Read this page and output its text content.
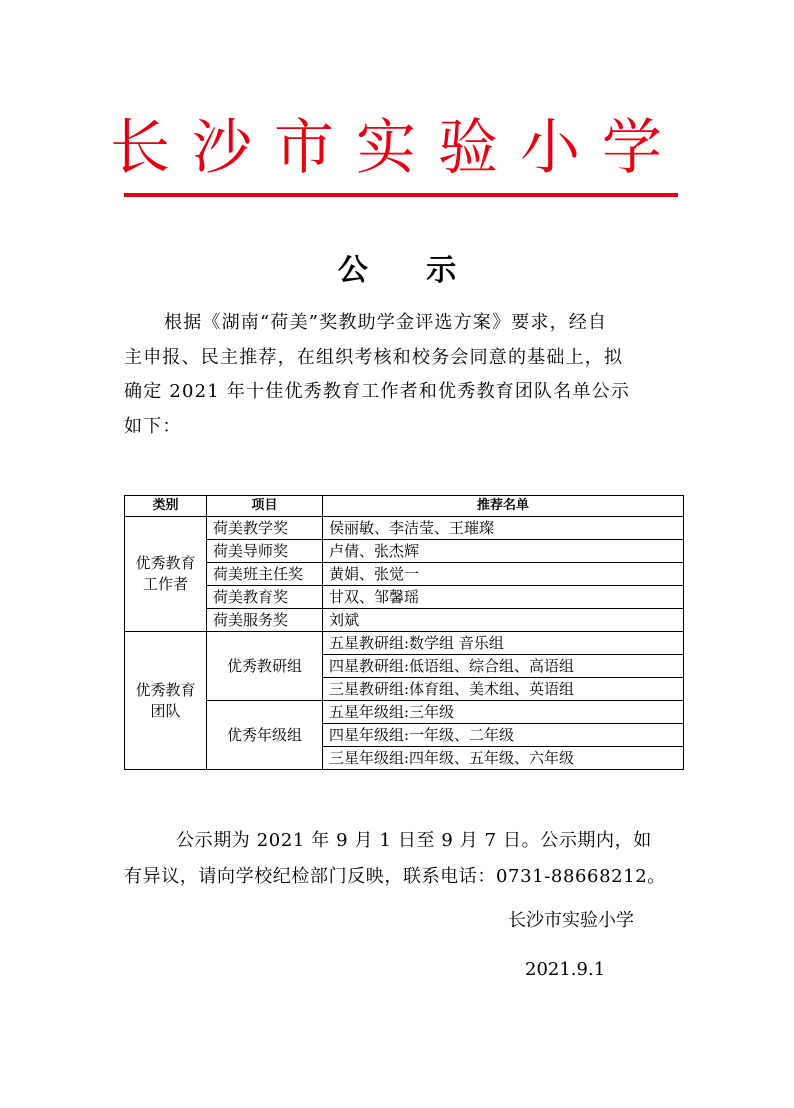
长沙市实验小学
公 示
根据《湖南“荷美”奖教助学金评选方案》要求，经自
主申报、民主推荐，在组织考核和校务会同意的基础上，拟
确定 2021 年十佳优秀教育工作者和优秀教育团队名单公示
如下：
类别	项目	推荐名单
优秀教育工作者	荷美教学奖	侯丽敏、李洁莹、王璀璨
	荷美导师奖	卢倩、张杰辉
	荷美班主任奖	黄娟、张觉一
	荷美教育奖	甘双、邹馨瑶
	荷美服务奖	刘斌
优秀教育团队	优秀教研组	五星教研组:数学组 音乐组
		四星教研组:低语组、综合组、高语组
		三星教研组:体育组、美术组、英语组
	优秀年级组	五星年级组:三年级
		四星年级组:一年级、二年级
		三星年级组:四年级、五年级、六年级
公示期为 2021 年 9 月 1 日至 9 月 7 日。公示期内，如
有异议，请向学校纪检部门反映，联系电话：0731-88668212。
长沙市实验小学
2021.9.1
